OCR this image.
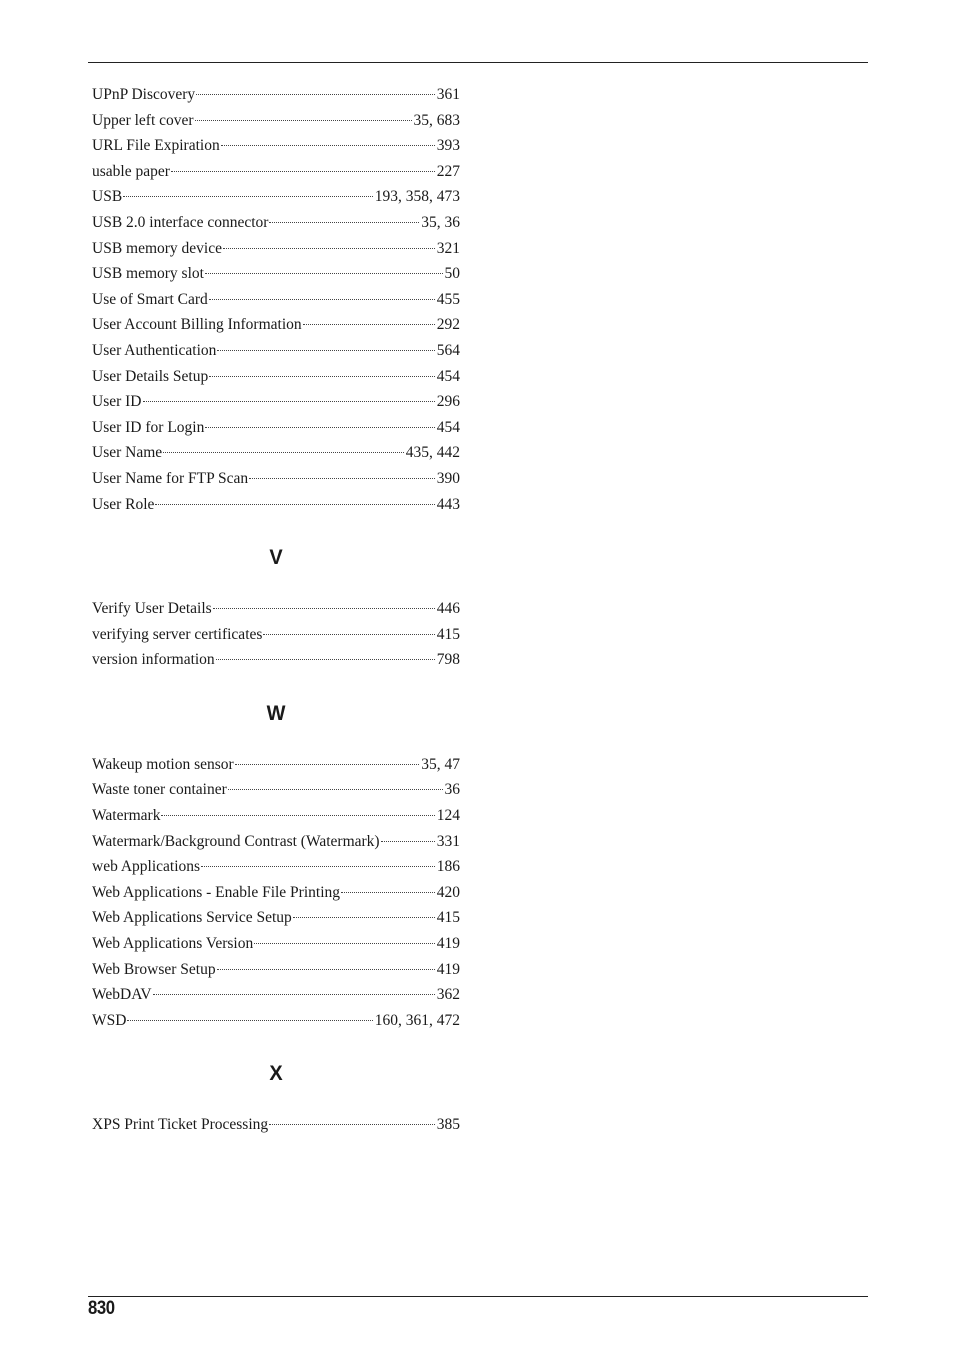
UPnP Discovery	361
Upper left cover	35, 683
URL File Expiration	393
usable paper	227
USB	193, 358, 473
USB 2.0 interface connector	35, 36
USB memory device	321
USB memory slot	50
Use of Smart Card	455
User Account Billing Information	292
User Authentication	564
User Details Setup	454
User ID	296
User ID for Login	454
User Name	435, 442
User Name for FTP Scan	390
User Role	443
V
Verify User Details	446
verifying server certificates	415
version information	798
W
Wakeup motion sensor	35, 47
Waste toner container	36
Watermark	124
Watermark/Background Contrast (Watermark)	331
web Applications	186
Web Applications - Enable File Printing	420
Web Applications Service Setup	415
Web Applications Version	419
Web Browser Setup	419
WebDAV	362
WSD	160, 361, 472
X
XPS Print Ticket Processing	385
830
